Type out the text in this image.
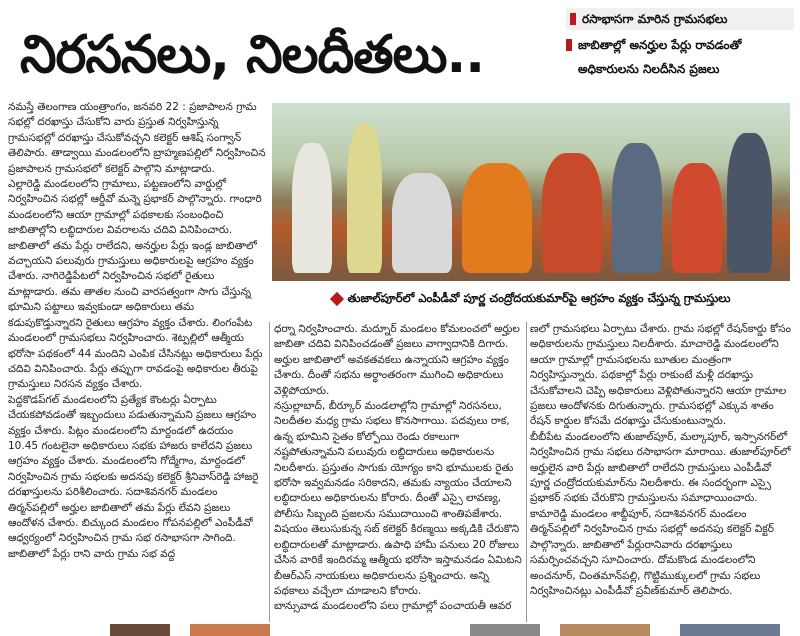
నిరసనలు, నిలదీతలు..
రసాభాసగా మారిన గ్రామసభలు
జాబితాల్లో అనర్హుల పేర్లు రావడంతో
అధికారులను నిలదీసిన ప్రజలు

నమస్తే తెలంగాణ యంత్రాంగం, జనవరి 22 : ప్రజాపాలన గ్రామ సభల్లో దరఖాస్తు చేసుకోని వారు ప్రస్తుత నిర్వహిస్తున్న గ్రామసభల్లో దరఖాస్తు చేసుకోవచ్చని కలెక్టర్ ఆశిష్ సంగ్వాన్ తెలిపారు. తాడ్వాయి మండలంలోని బ్రాహ్మణపల్లిలో నిర్వహించిన ప్రజాపాలన గ్రామసభలో కలెక్టర్ పాల్గొని మాట్లాడారు.

ఎల్లారెడ్డి మండలంలోని గ్రామాలు, పట్టణంలోని వార్డుల్లో నిర్వహించిన సభల్లో ఆర్డీవో మన్నె ప్రభాకర్ పాల్గొన్నారు. గాంధారి మండలంలోని ఆయా గ్రామాల్లో పథకాలకు సంబంధించి జాబితాల్లోని లబ్ధిదారుల వివరాలను చదివి వినిపించారు. జాబితాలో తమ పేర్లు రాలేదని, అనర్హుల పేర్లు ఇండ్ల జాబితాలో వచ్చాయని పలువురు గ్రామస్తులు అధికారులపై ఆగ్రహం వ్యక్తం చేశారు. నాగిరెడ్డిపేటలో నిర్వహించిన సభలో రైతులు మాట్లాడారు. తమ తాతల నుంచి వారసత్వంగా సాగు చేస్తున్న భూమిని పట్టాలు ఇవ్వకుండా అధికారులు తమ కడుపుకొడ్తున్నారని రైతులు ఆగ్రహం వ్యక్తం చేశారు. లింగంపేట మండలంలో గ్రామసభలు నిర్వహించారు. శెట్పల్లిలో ఆత్మీయ భరోసా పథకంలో 44 మందిని ఎంపిక చేసినట్లు అధికారులు పేర్లు చదివి వినిపించారు. పేర్లు తప్పుగా రావడంపై అధికారుల తీరుపై గ్రామస్తులు నిరసన వ్యక్తం చేశారు.

పెద్దకొడప్‌గల్ మండలంలోని ప్రత్యేక కౌంటర్లు ఏర్పాటు చేయకపోవడంతో ఇబ్బందులు పడుతున్నామని ప్రజలు ఆగ్రహం వ్యక్తం చేశారు. పిట్లం మండలంలోని మార్దండలో ఉదయం 10.45 గంటలైనా అధికారులు సభకు హాజరు కాలేదని ప్రజలు ఆగ్రహం వ్యక్తం చేశారు. మండలంలోని గోద్మేగాం, మార్దండలో నిర్వహించిన గ్రామ సభలకు అదనపు కలెక్టర్ శ్రీనివాస్‌రెడ్డి హాజరై దరఖాస్తులను పరిశీలించారు. సదాశివనగర్ మండలం తిర్మన్‌పల్లిలో అర్హుల జాబితాలో తమ పేర్లు లేవని ప్రజలు ఆందోళన చేశారు. బిచ్కుంద మండలం గోపనపల్లిలో ఎంపీడీవో ఆధ్వర్యంలో నిర్వహించిన గ్రామ సభ రసాభాసగా సాగింది. జాబితాలో పేర్లు రాని వారు గ్రామ సభ వద్ద

తుజాల్‌పూర్‌లో ఎంపీడీవో పూర్ణ చంద్రోదయకుమార్‌పై ఆగ్రహం వ్యక్తం చేస్తున్న గ్రామస్తులు

ధర్నా నిర్వహించారు. మద్నూర్ మండలం కోమలంచలో అర్హుల జాబితా చదివి వినిపించడంతో ప్రజలు వాగ్వాదానికి దిగారు. అర్హుల జాబితాలో అవకతవకలు ఉన్నాయని ఆగ్రహం వ్యక్తం చేశారు. దీంతో సభను అర్థాంతరంగా ముగించి అధికారులు వెళ్లిపోయారు.

నస్రుల్లాబాద్, బీర్కూర్ మండలాల్లోని గ్రామాల్లో నిరసనలు, నిలదీతల మధ్య గ్రామ సభలు కొనసాగాయి. పదవులు రాక, ఉన్న భూమిని సైతం కోల్పోయి రెండు రకాలుగా నష్టపోతున్నామని పలువురు లబ్ధిదారులు అధికారులను నిలదీశారు. ప్రస్తుతం సాగుకు యోగ్యం కాని భూములకు రైతు భరోసా ఇవ్వమనడం సరికాదని, తమకు న్యాయం చేయాలని లబ్ధిదారులు అధికారులను కోరారు. దీంతో ఎస్సై లావణ్య, పోలీసు సిబ్బంది ప్రజలను సముదాయించి శాంతిపజేశారు. విషయం తెలుసుకున్న సబ్ కలెక్టర్ కిరణ్మయి అక్కడికి చేరుకొని లబ్ధిదారులతో మాట్లాడారు. ఉపాధి హామీ పనులు 20 రోజులు చేసిన వారికే ఇందిరమ్మ ఆత్మీయ భరోసా ఇస్తామనడం ఏమిటని బీఆర్‌ఎస్ నాయకులు అధికారులను ప్రశ్నించారు. అన్ని పథకాలు వచ్చేలా చూడాలని కోరారు.

బాన్సువాడ మండలంలోని పలు గ్రామాల్లో పంచాయతీ ఆవర

ణలో గ్రామసభలు ఏర్పాటు చేశారు. గ్రామ సభల్లో రేషన్‌కార్డు కోసం అధికారులను గ్రామస్తులు నిలదీశారు. మాచారెడ్డి మండలంలోని ఆయా గ్రామాల్లో గ్రామసభలను బూతుల మంత్రంగా నిర్వహిస్తున్నారు. పథకాల్లో పేర్లు రాకుంటే మళ్లీ దరఖాస్తు చేసుకోవాలని చెప్పి అధికారులు వెళ్లిపోతున్నారని ఆయా గ్రామాల ప్రజలు ఆందోళనకు దిగుతున్నారు. గ్రామసభల్లో ఎక్కువ శాతం రేషన్ కార్డుల కోసమే దరఖాస్తు చేసుకుంటున్నారు.

బీబీపేట మండలంలోని తుజాల్‌పూర్, మల్కాపూర్, ఇస్సానగర్‌లో నిర్వహించిన గ్రామ సభలు రసాభాసగా మారాయి. తుజాల్‌పూర్‌లో అర్హులైన వారి పేర్లు జాబితాలో రాలేదని గ్రామస్తులు ఎంపీడీవో పూర్ణ చంద్రోదయకుమార్‌ను నిలదీశారు. ఈ సందర్భంగా ఎస్సై ప్రభాకర్ సభకు చేరుకొని గ్రామస్తులను సమాధాయించారు.

కామారెడ్డి మండలం శాబ్దీపూర్, సదాశివనగర్ మండలం తిర్మన్‌పల్లిలో నిర్వహించిన గ్రామ సభల్లో అదనపు కలెక్టర్ విక్టర్ పాల్గొన్నారు. జాబితాలో పేర్లురానివారు దరఖాస్తులు సమర్పించవచ్చని సూచించారు. దోమకొండ మండలంలోని అంచనూర్, చింతమాన్‌పల్లి, గొట్టిముక్కులలో గ్రామ సభలు నిర్వహించినట్లు ఎంపీడీవో ప్రవీణ్‌కుమార్ తెలిపారు.
